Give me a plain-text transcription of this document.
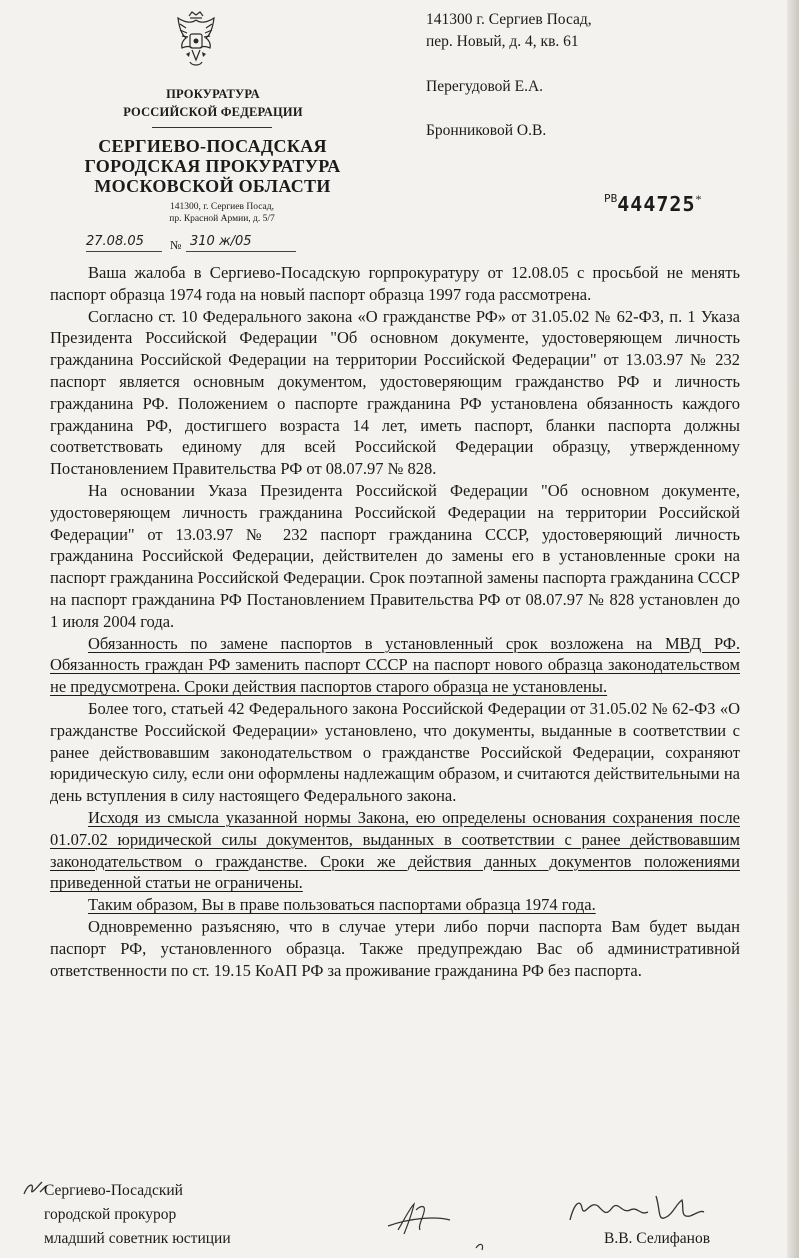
ПРОКУРАТУРА
РОССИЙСКОЙ ФЕДЕРАЦИИ
СЕРГИЕВО-ПОСАДСКАЯ
ГОРОДСКАЯ ПРОКУРАТУРА
МОСКОВСКОЙ ОБЛАСТИ
141300, г. Сергиев Посад,
пр. Красной Армии, д. 5/7
27.08.05 № 310 ж/05
141300 г. Сергиев Посад,
пер. Новый, д. 4, кв. 61
Перегудовой Е.А.
Бронниковой О.В.
$^{РВ}$444725*

Ваша жалоба в Сергиево-Посадскую горпрокуратуру от 12.08.05 с просьбой не менять паспорт образца 1974 года на новый паспорт образца 1997 года рассмотрена.

Согласно ст. 10 Федерального закона «О гражданстве РФ» от 31.05.02 № 62-ФЗ, п. 1 Указа Президента Российской Федерации "Об основном документе, удостоверяющем личность гражданина Российской Федерации на территории Российской Федерации" от 13.03.97 № 232 паспорт является основным документом, удостоверяющим гражданство РФ и личность гражданина РФ. Положением о паспорте гражданина РФ установлена обязанность каждого гражданина РФ, достигшего возраста 14 лет, иметь паспорт, бланки паспорта должны соответствовать единому для всей Российской Федерации образцу, утвержденному Постановлением Правительства РФ от 08.07.97 № 828.

На основании Указа Президента Российской Федерации "Об основном документе, удостоверяющем личность гражданина Российской Федерации на территории Российской Федерации" от 13.03.97 № 232 паспорт гражданина СССР, удостоверяющий личность гражданина Российской Федерации, действителен до замены его в установленные сроки на паспорт гражданина Российской Федерации. Срок поэтапной замены паспорта гражданина СССР на паспорт гражданина РФ Постановлением Правительства РФ от 08.07.97 № 828 установлен до 1 июля 2004 года.

Обязанность по замене паспортов в установленный срок возложена на МВД РФ. Обязанность граждан РФ заменить паспорт СССР на паспорт нового образца законодательством не предусмотрена. Сроки действия паспортов старого образца не установлены.

Более того, статьей 42 Федерального закона Российской Федерации от 31.05.02 № 62-ФЗ «О гражданстве Российской Федерации» установлено, что документы, выданные в соответствии с ранее действовавшим законодательством о гражданстве Российской Федерации, сохраняют юридическую силу, если они оформлены надлежащим образом, и считаются действительными на день вступления в силу настоящего Федерального закона.

Исходя из смысла указанной нормы Закона, ею определены основания сохранения после 01.07.02 юридической силы документов, выданных в соответствии с ранее действовавшим законодательством о гражданстве. Сроки же действия данных документов положениями приведенной статьи не ограничены.

Таким образом, Вы в праве пользоваться паспортами образца 1974 года.

Одновременно разъясняю, что в случае утери либо порчи паспорта Вам будет выдан паспорт РФ, установленного образца. Также предупреждаю Вас об административной ответственности по ст. 19.15 КоАП РФ за проживание гражданина РФ без паспорта.

Сергиево-Посадский
городской прокурор
младший советник юстиции	В.В. Селифанов
